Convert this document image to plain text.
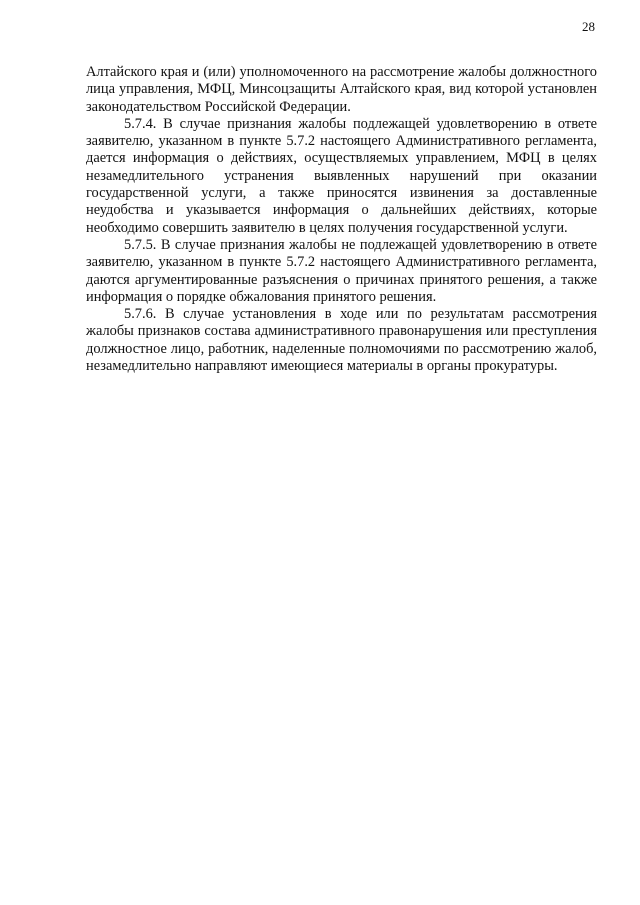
28

Алтайского края и (или) уполномоченного на рассмотрение жалобы должностного лица управления, МФЦ, Минсоцзащиты Алтайского края, вид которой установлен законодательством Российской Федерации.

5.7.4. В случае признания жалобы подлежащей удовлетворению в ответе заявителю, указанном в пункте 5.7.2 настоящего Административного регламента, дается информация о действиях, осуществляемых управлением, МФЦ в целях незамедлительного устранения выявленных нарушений при оказании государственной услуги, а также приносятся извинения за доставленные неудобства и указывается информация о дальнейших действиях, которые необходимо совершить заявителю в целях получения государственной услуги.

5.7.5. В случае признания жалобы не подлежащей удовлетворению в ответе заявителю, указанном в пункте 5.7.2 настоящего Административного регламента, даются аргументированные разъяснения о причинах принятого решения, а также информация о порядке обжалования принятого решения.

5.7.6. В случае установления в ходе или по результатам рассмотрения жалобы признаков состава административного правонарушения или преступления должностное лицо, работник, наделенные полномочиями по рассмотрению жалоб, незамедлительно направляют имеющиеся материалы в органы прокуратуры.
